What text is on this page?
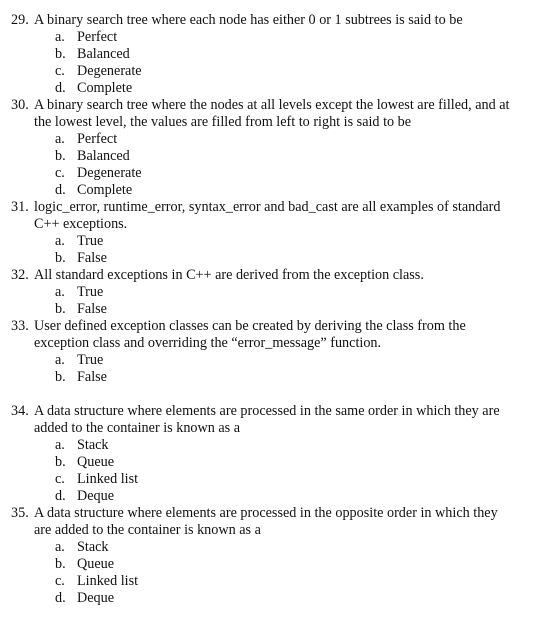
29. A binary search tree where each node has either 0 or 1 subtrees is said to be
a. Perfect
b. Balanced
c. Degenerate
d. Complete
30. A binary search tree where the nodes at all levels except the lowest are filled, and at the lowest level, the values are filled from left to right is said to be
a. Perfect
b. Balanced
c. Degenerate
d. Complete
31. logic_error, runtime_error, syntax_error and bad_cast are all examples of standard C++ exceptions.
a. True
b. False
32. All standard exceptions in C++ are derived from the exception class.
a. True
b. False
33. User defined exception classes can be created by deriving the class from the exception class and overriding the “error_message” function.
a. True
b. False
34. A data structure where elements are processed in the same order in which they are added to the container is known as a
a. Stack
b. Queue
c. Linked list
d. Deque
35. A data structure where elements are processed in the opposite order in which they are added to the container is known as a
a. Stack
b. Queue
c. Linked list
d. Deque
